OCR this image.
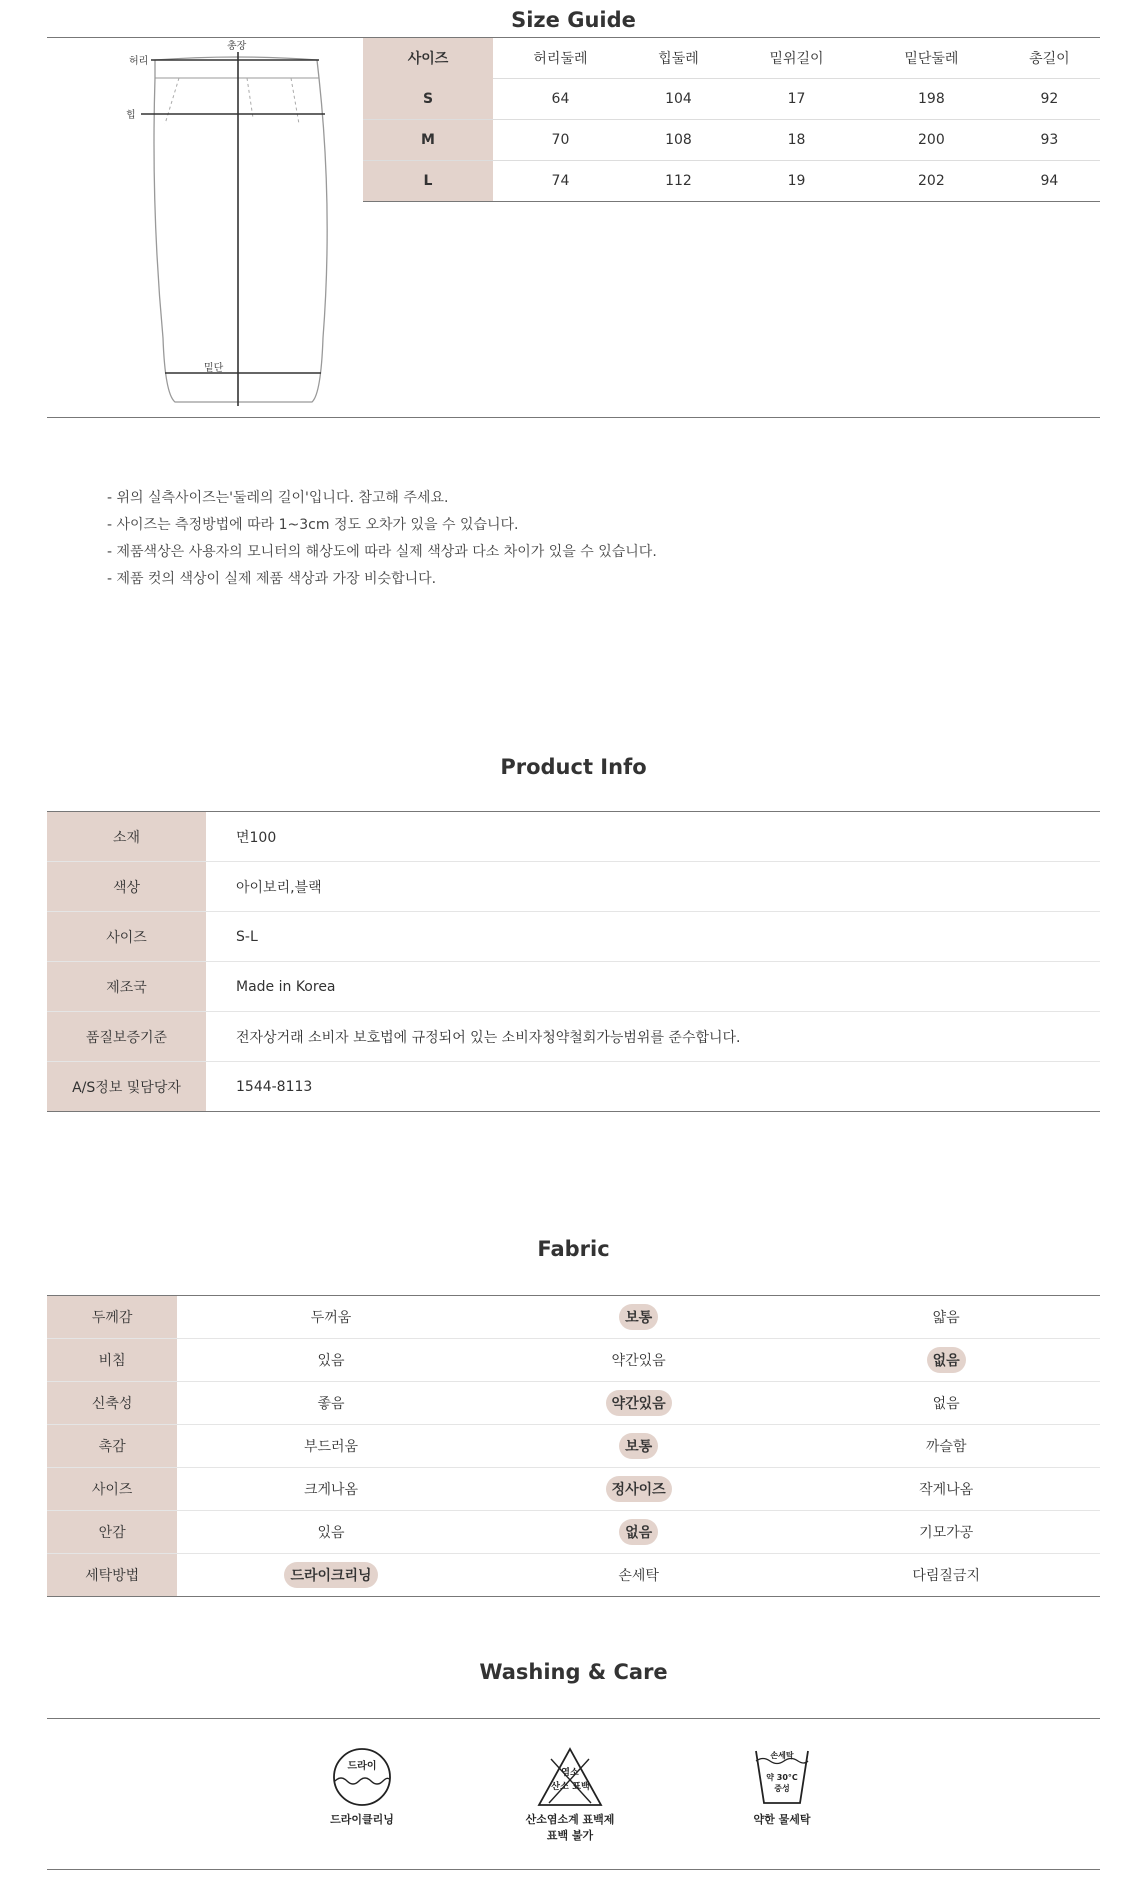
Size Guide
총장
허리
힙
밑단
사이즈	허리둘레	힙둘레	밑위길이	밑단둘레	총길이
S	64	104	17	198	92
M	70	108	18	200	93
L	74	112	19	202	94
- 위의 실측사이즈는'둘레의 길이'입니다. 참고해 주세요.
- 사이즈는 측정방법에 따라 1~3cm 정도 오차가 있을 수 있습니다.
- 제품색상은 사용자의 모니터의 해상도에 따라 실제 색상과 다소 차이가 있을 수 있습니다.
- 제품 컷의 색상이 실제 제품 색상과 가장 비슷합니다.
Product Info
소재	면100
색상	아이보리,블랙
사이즈	S-L
제조국	Made in Korea
품질보증기준	전자상거래 소비자 보호법에 규정되어 있는 소비자청약철회가능범위를 준수합니다.
A/S정보 및담당자	1544-8113
Fabric
두께감	두꺼움	보통	얇음
비침	있음	약간있음	없음
신축성	좋음	약간있음	없음
촉감	부드러움	보통	까슬함
사이즈	크게나옴	정사이즈	작게나옴
안감	있음	없음	기모가공
세탁방법	드라이크리닝	손세탁	다림질금지
Washing & Care
드라이
드라이클리닝
염소
산소 표백
산소염소계 표백제 표백 불가
손세탁
약 30°C
중성
약한 물세탁
